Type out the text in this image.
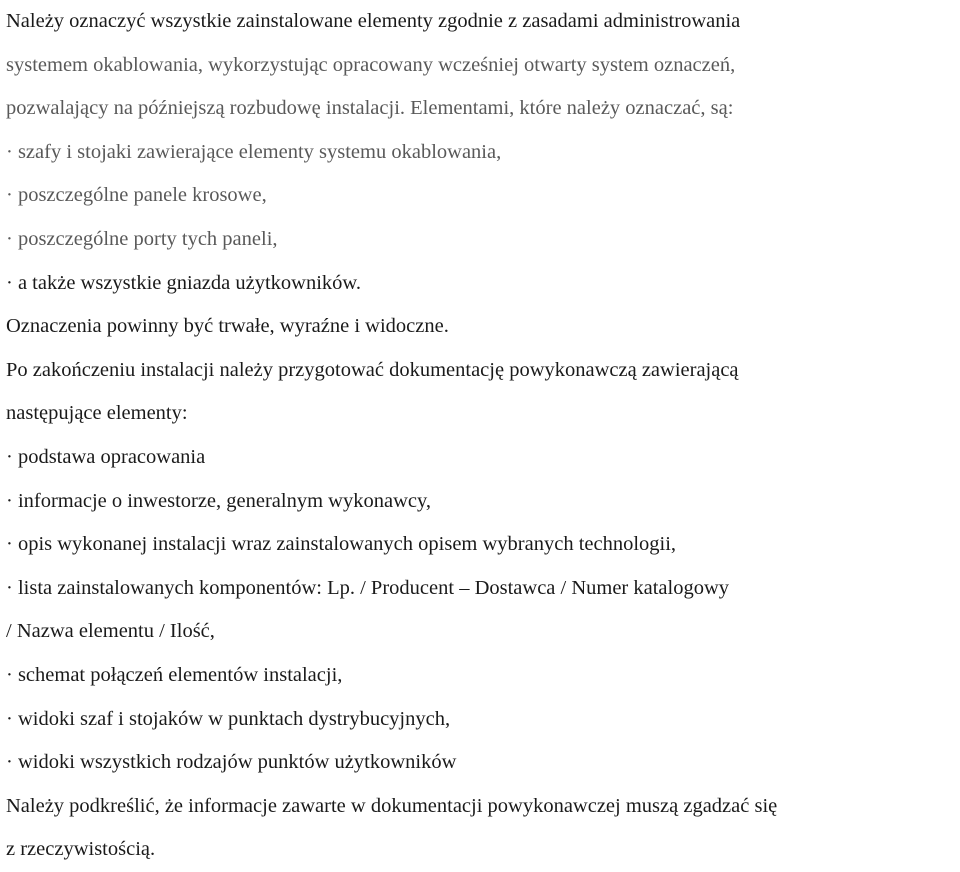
Należy oznaczyć wszystkie zainstalowane elementy zgodnie z zasadami administrowania
systemem okablowania, wykorzystując opracowany wcześniej otwarty system oznaczeń,
pozwalający na późniejszą rozbudowę instalacji. Elementami, które należy oznaczać, są:
· szafy i stojaki zawierające elementy systemu okablowania,
· poszczególne panele krosowe,
· poszczególne porty tych paneli,
· a także wszystkie gniazda użytkowników.
Oznaczenia powinny być trwałe, wyraźne i widoczne.
Po zakończeniu instalacji należy przygotować dokumentację powykonawczą zawierającą
następujące elementy:
· podstawa opracowania
· informacje o inwestorze, generalnym wykonawcy,
· opis wykonanej instalacji wraz zainstalowanych opisem wybranych technologii,
· lista zainstalowanych komponentów: Lp. / Producent – Dostawca / Numer katalogowy
/ Nazwa elementu / Ilość,
· schemat połączeń elementów instalacji,
· widoki szaf i stojaków w punktach dystrybucyjnych,
· widoki wszystkich rodzajów punktów użytkowników
Należy podkreślić, że informacje zawarte w dokumentacji powykonawczej muszą zgadzać się
z rzeczywistością.
